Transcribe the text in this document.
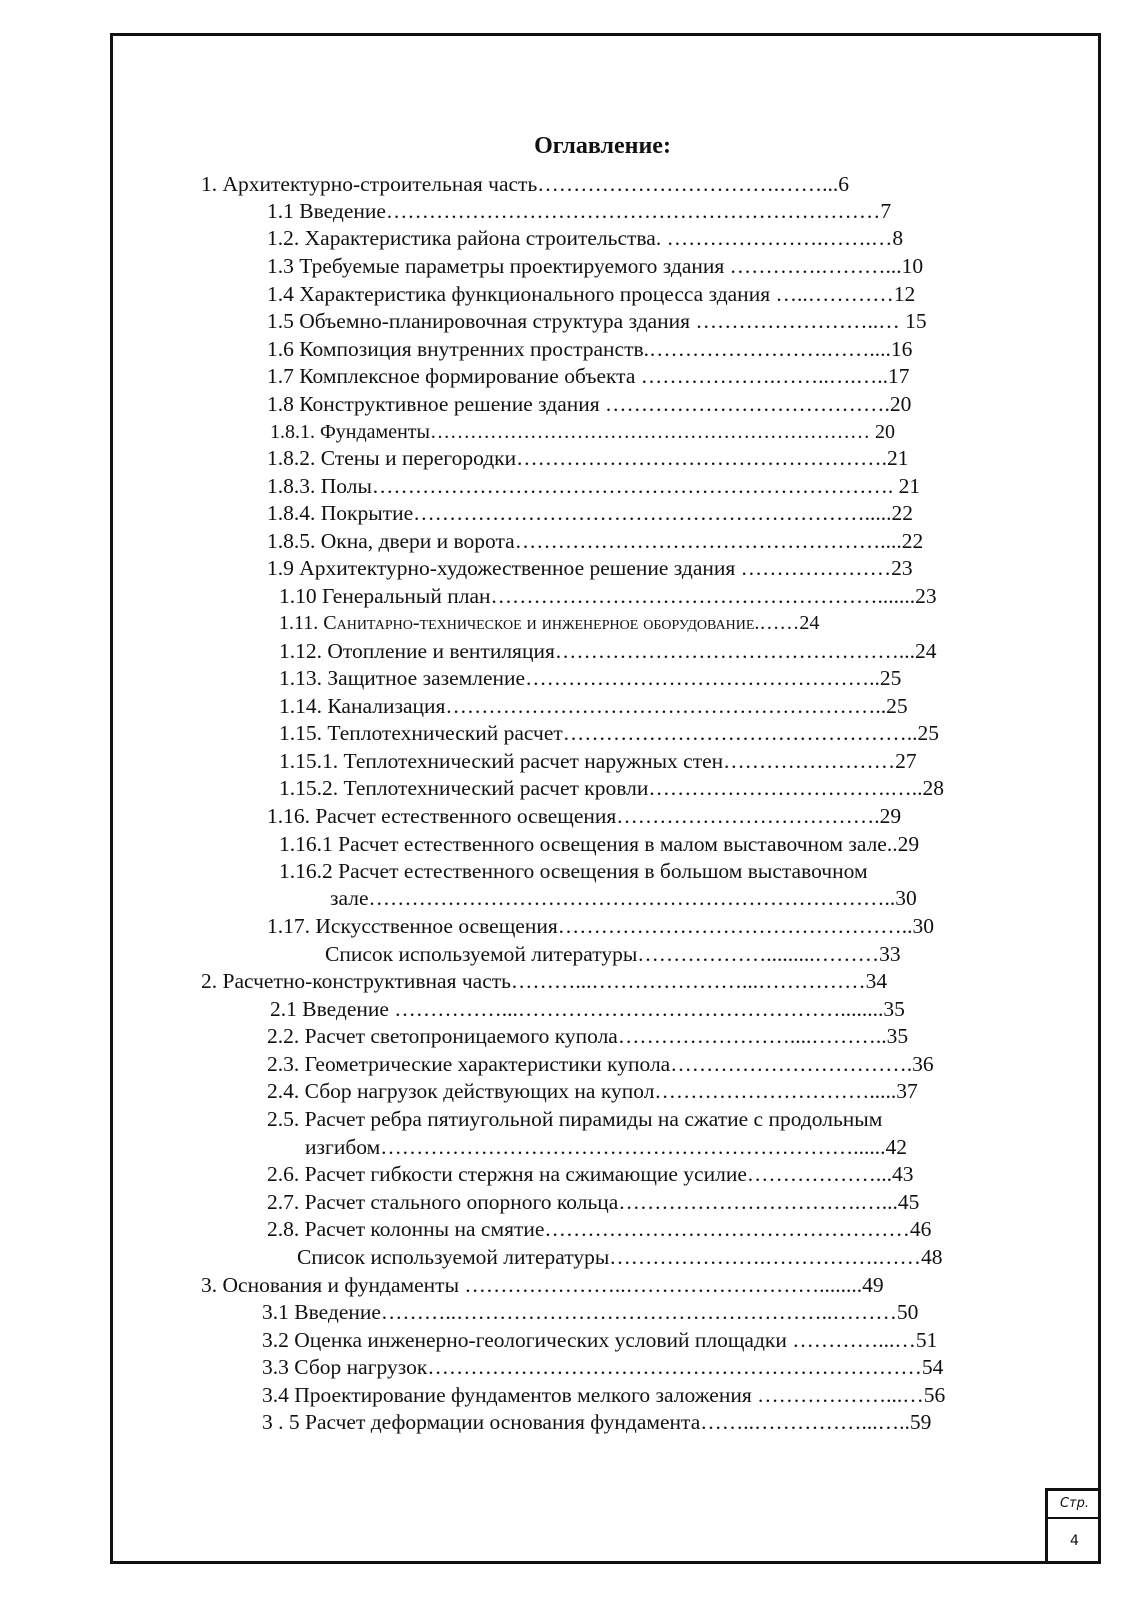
Оглавление:
1. Архитектурно-строительная часть…………………………….……...6
1.1 Введение……………………………………………………………7
1.2. Характеристика района строительства. ………………….…….…8
1.3 Требуемые параметры проектируемого здания ………….………...10
1.4 Характеристика функционального процесса здания …..…………12
1.5 Объемно-планировочная структура здания ……………………..… 15
1.6 Композиция внутренних пространств.…………………….……....16
1.7 Комплексное формирование объекта ……………….……..….…..17
1.8 Конструктивное решение здания ………………………………….20
1.8.1. Фундаменты………………………………………………………… 20
1.8.2. Стены и перегородки…………………………………………….21
1.8.3. Полы………………………………………………………………. 21
1.8.4. Покрытие……………………………………………………….....22
1.8.5. Окна, двери и ворота……………………………………………....22
1.9 Архитектурно-художественное решение здания …………………23
1.10 Генеральный план……………………………………………….......23
1.11. Санитарно-техническое и инженерное оборудование.……24
1.12. Отопление и вентиляция…………………………………………...24
1.13. Защитное заземление…………………………………………..25
1.14. Канализация……………………………………………………..25
1.15. Теплотехнический расчет…………………………………………..25
1.15.1. Теплотехнический расчет наружных стен……………………27
1.15.2. Теплотехнический расчет кровли…………………………….…..28
1.16. Расчет естественного освещения……………………………….29
1.16.1 Расчет естественного освещения в малом выставочном зале..29
1.16.2 Расчет естественного освещения в большом выставочном
зале………………………………………………………………..30
1.17. Искусственное освещения…………………………………………..30
Список используемой литературы……………….........………33
2. Расчетно-конструктивная часть………...…………………...……………34
2.1 Введение ……………...………………………………………........35
2.2. Расчет светопроницаемого купола……………………....………..35
2.3. Геометрические характеристики купола…………………………….36
2.4. Сбор нагрузок действующих на купол………………………….....37
2.5. Расчет ребра пятиугольной пирамиды на сжатие с продольным
изгибом…………………………………………………………......42
2.6. Расчет гибкости стержня на сжимающие усилие………………...43
2.7. Расчет стального опорного кольца…………………………….…...45
2.8. Расчет колонны на смятие……………………………………………46
Список используемой литературы………………….…………….……48
3. Основания и фундаменты …………………..………………………........49
3.1 Введение………..……………………………………………..………50
3.2 Оценка инженерно-геологических условий площадки …………...…51
3.3 Сбор нагрузок……………………………………………………………54
3.4 Проектирование фундаментов мелкого заложения ………………...…56
3 . 5 Расчет деформации основания фундамента……..……………...…..59
Стр.
4
